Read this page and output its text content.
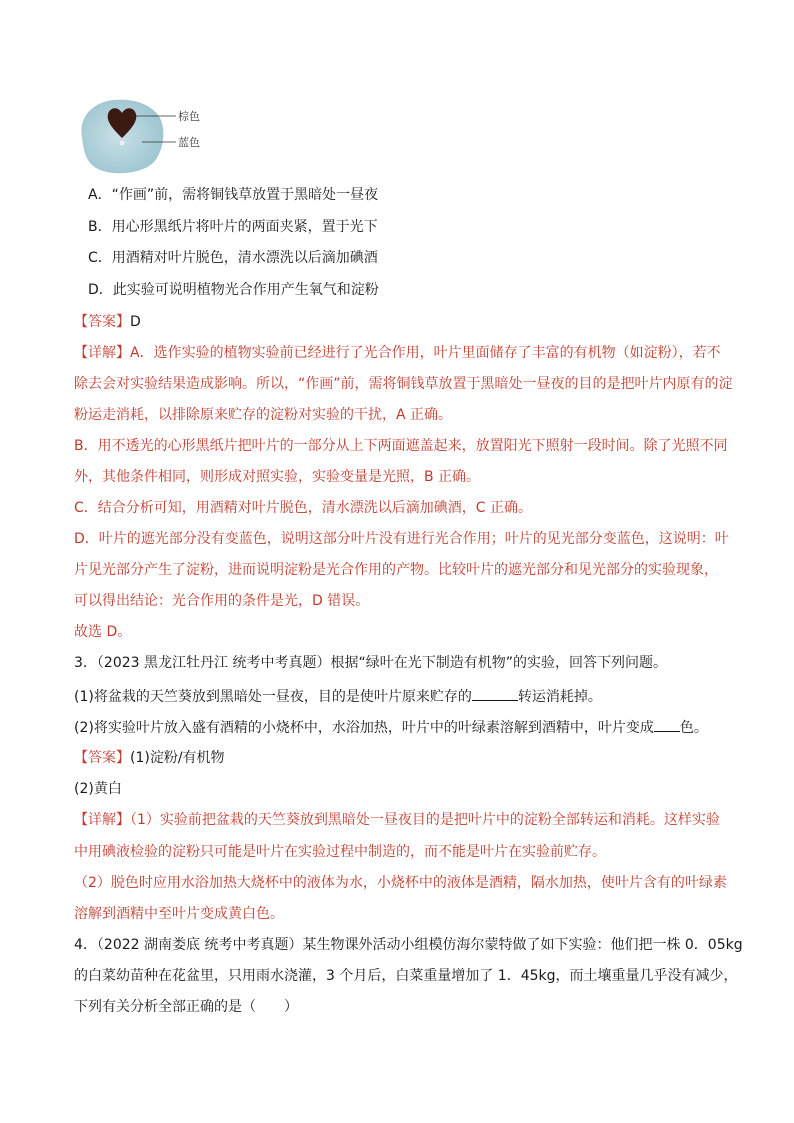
棕色
蓝色
A．“作画”前，需将铜钱草放置于黑暗处一昼夜
B．用心形黑纸片将叶片的两面夹紧，置于光下
C．用酒精对叶片脱色，清水漂洗以后滴加碘酒
D．此实验可说明植物光合作用产生氧气和淀粉
【答案】D
【详解】A．选作实验的植物实验前已经进行了光合作用，叶片里面储存了丰富的有机物（如淀粉），若不
除去会对实验结果造成影响。所以，“作画”前，需将铜钱草放置于黑暗处一昼夜的目的是把叶片内原有的淀
粉运走消耗，以排除原来贮存的淀粉对实验的干扰，A 正确。
B．用不透光的心形黑纸片把叶片的一部分从上下两面遮盖起来，放置阳光下照射一段时间。除了光照不同
外，其他条件相同，则形成对照实验，实验变量是光照，B 正确。
C．结合分析可知，用酒精对叶片脱色，清水漂洗以后滴加碘酒，C 正确。
D．叶片的遮光部分没有变蓝色，说明这部分叶片没有进行光合作用；叶片的见光部分变蓝色，这说明：叶
片见光部分产生了淀粉，进而说明淀粉是光合作用的产物。比较叶片的遮光部分和见光部分的实验现象，
可以得出结论：光合作用的条件是光，D 错误。
故选 D。
3．（2023 黑龙江牡丹江 统考中考真题）根据“绿叶在光下制造有机物”的实验，回答下列问题。
(1)将盆栽的天竺葵放到黑暗处一昼夜，目的是使叶片原来贮存的	转运消耗掉。
(2)将实验叶片放入盛有酒精的小烧杯中，水浴加热，叶片中的叶绿素溶解到酒精中，叶片变成 色。
【答案】(1)淀粉/有机物
(2)黄白
【详解】（1）实验前把盆栽的天竺葵放到黑暗处一昼夜目的是把叶片中的淀粉全部转运和消耗。这样实验
中用碘液检验的淀粉只可能是叶片在实验过程中制造的，而不能是叶片在实验前贮存。
（2）脱色时应用水浴加热大烧杯中的液体为水，小烧杯中的液体是酒精，隔水加热，使叶片含有的叶绿素
溶解到酒精中至叶片变成黄白色。
4．（2022 湖南娄底 统考中考真题）某生物课外活动小组模仿海尔蒙特做了如下实验：他们把一株 0．05kg
的白菜幼苗种在花盆里，只用雨水浇灌，3 个月后，白菜重量增加了 1．45kg，而土壤重量几乎没有减少，
下列有关分析全部正确的是（　　）
